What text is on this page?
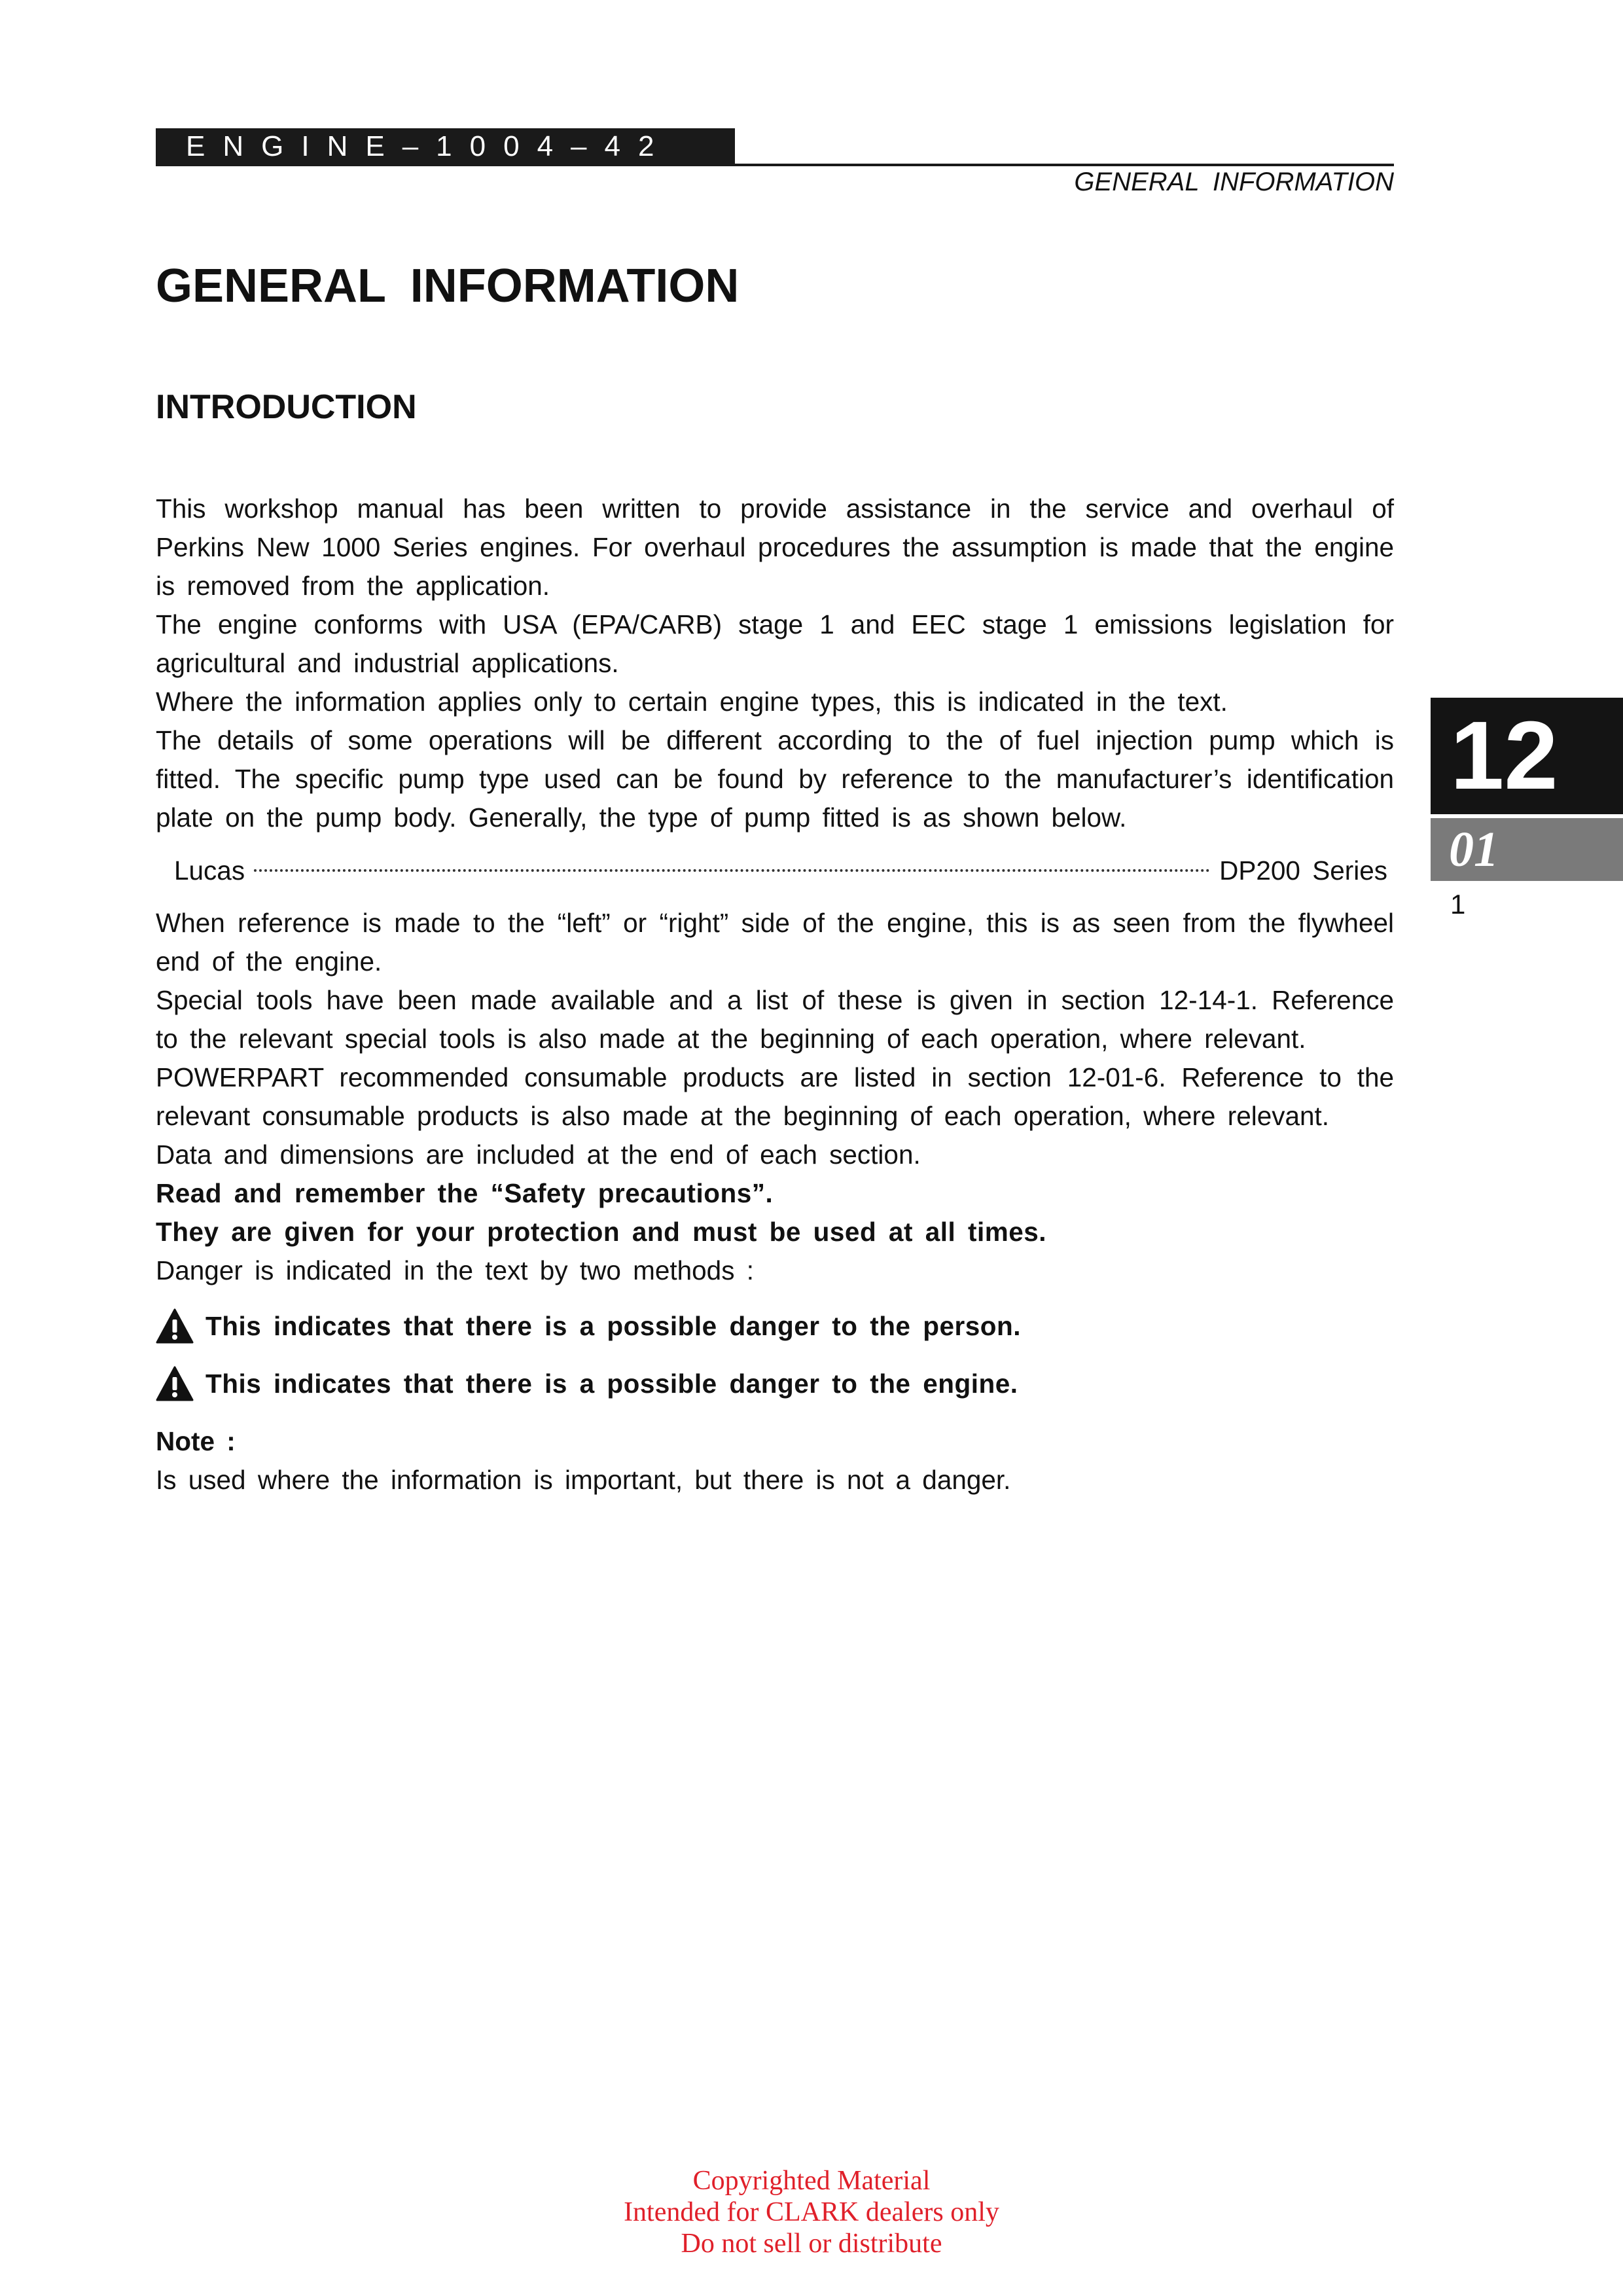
ENGINE–1004–42
GENERAL INFORMATION
GENERAL INFORMATION
INTRODUCTION

This workshop manual has been written to provide assistance in the service and overhaul of Perkins New 1000 Series engines. For overhaul procedures the assumption is made that the engine is removed from the application.

The engine conforms with USA (EPA/CARB) stage 1 and EEC stage 1 emissions legislation for agricultural and industrial applications.

Where the information applies only to certain engine types, this is indicated in the text.

The details of some operations will be different according to the of fuel injection pump which is fitted. The specific pump type used can be found by reference to the manufacturer’s identification plate on the pump body. Generally, the type of pump fitted is as shown below.

Lucas	DP200 Series

When reference is made to the “left” or “right” side of the engine, this is as seen from the flywheel end of the engine.

Special tools have been made available and a list of these is given in section 12-14-1. Reference to the relevant special tools is also made at the beginning of each operation, where relevant.

POWERPART recommended consumable products are listed in section 12-01-6. Reference to the relevant consumable products is also made at the beginning of each operation, where relevant.

Data and dimensions are included at the end of each section.

Read and remember the “Safety precautions”.

They are given for your protection and must be used at all times.

Danger is indicated in the text by two methods :

This indicates that there is a possible danger to the person.
This indicates that there is a possible danger to the engine.
Note :

Is used where the information is important, but there is not a danger.

12
01
1
Copyrighted Material
Intended for CLARK dealers only
Do not sell or distribute
